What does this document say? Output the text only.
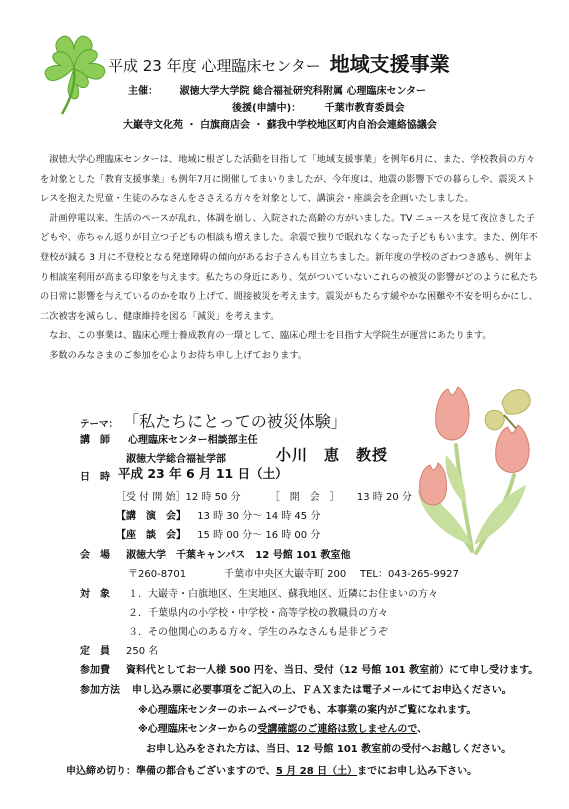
平成 23 年度 心理臨床センター 地域支援事業
主催： 淑徳大学大学院 総合福祉研究科附属 心理臨床センター
後援(申請中)： 千葉市教育委員会
大巌寺文化苑 ・ 白旗商店会 ・ 蘇我中学校地区町内自治会連絡協議会

淑徳大学心理臨床センターは、地域に根ざした活動を目指して「地域支援事業」を例年6月に、また、学校教員の方々を対象とした「教育支援事業」も例年7月に開催してまいりましたが、今年度は、地震の影響下での暮らしや、震災ストレスを抱えた児童・生徒のみなさんをささえる方々を対象として、講演会・座談会を企画いたしました。

計画停電以来、生活のペースが乱れ、体調を崩し、入院された高齢の方がいました。TV ニュースを見て夜泣きした子どもや、赤ちゃん返りが目立つ子どもの相談も増えました。余震で独りで眠れなくなった子どももいます。また、例年不登校が減る 3 月に不登校となる発達障碍の傾向があるお子さんも目立ちました。新年度の学校のざわつき感も、例年より相談室利用が高まる印象を与えます。私たちの身近にあり、気がついていないこれらの被災の影響がどのように私たちの日常に影響を与えているのかを取り上げて、間接被災を考えます。震災がもたらす緩やかな困難や不安を明らかにし、二次被害を減らし、健康維持を図る「減災」を考えます。

なお、この事業は、臨床心理士養成教育の一環として、臨床心理士を目指す大学院生が運営にあたります。

多数のみなさまのご参加を心よりお待ち申し上げております。

テーマ： 「私たちにとっての被災体験」
講　師 心理臨床センター相談部主任
淑徳大学総合福祉学部	小川　恵　教授
日　時 平成 23 年 6 月 11 日（土）
［受 付 開 始］12 時 50 分	［　開　会　］ 13 時 20 分
【講　演　会】 13 時 30 分～ 14 時 45 分
【座　談　会】 15 時 00 分～ 16 時 00 分
会　場 淑徳大学　千葉キャンパス　12 号館 101 教室他
〒260-8701	千葉市中央区大巌寺町 200 TEL：043-265-9927
対　象 １．大巌寺・白旗地区、生実地区、蘇我地区、近隣にお住まいの方々
２．千葉県内の小学校・中学校・高等学校の教職員の方々
３．その他関心のある方々、学生のみなさんも是非どうぞ
定　員 250 名
参加費 資料代としてお一人様 500 円を、当日、受付（12 号館 101 教室前）にて申し受けます。
参加方法 申し込み票に必要事項をご記入の上、ＦＡＸまたは電子メールにてお申込ください。
※心理臨床センターのホームページでも、本事業の案内がご覧になれます。
※心理臨床センターからの受講確認のご連絡は致しませんので、
お申し込みをされた方は、当日、12 号館 101 教室前の受付へお越しください。
申込締め切り：準備の都合もございますので、5 月 28 日（土）までにお申し込み下さい。
